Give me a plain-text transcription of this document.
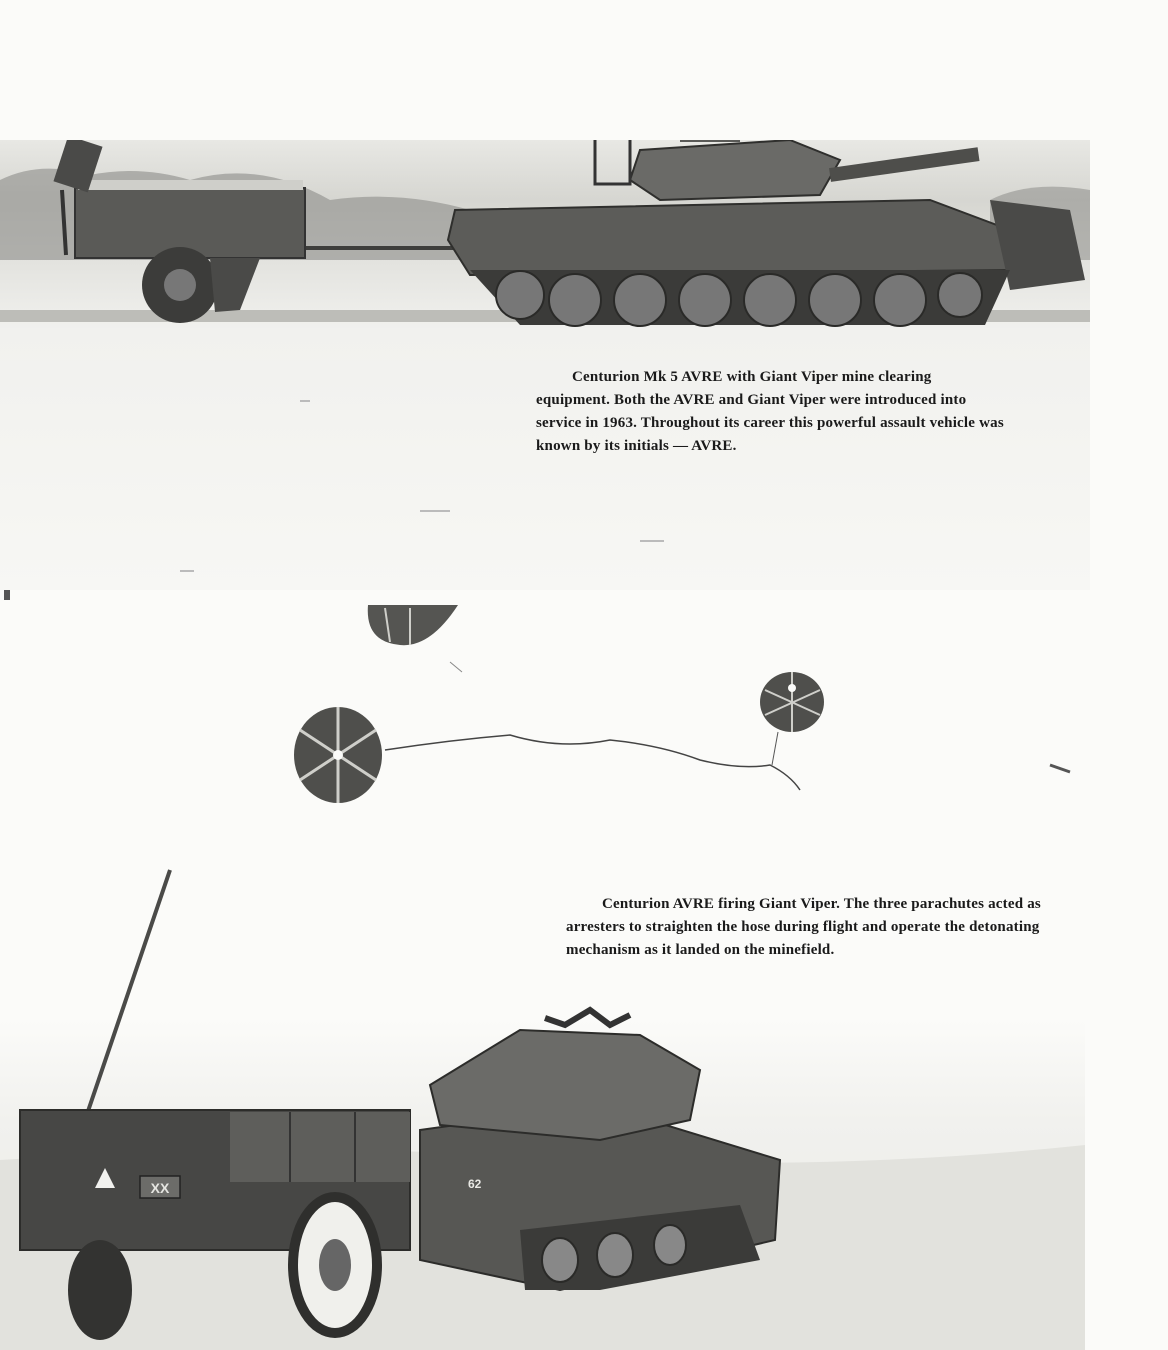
XX	62

Centurion Mk 5 AVRE with Giant Viper mine clearing equipment. Both the AVRE and Giant Viper were introduced into service in 1963. Throughout its career this powerful assault vehicle was known by its initials — AVRE.

Centurion AVRE firing Giant Viper. The three parachutes acted as arresters to straighten the hose during flight and operate the detonating mechanism as it landed on the minefield.
